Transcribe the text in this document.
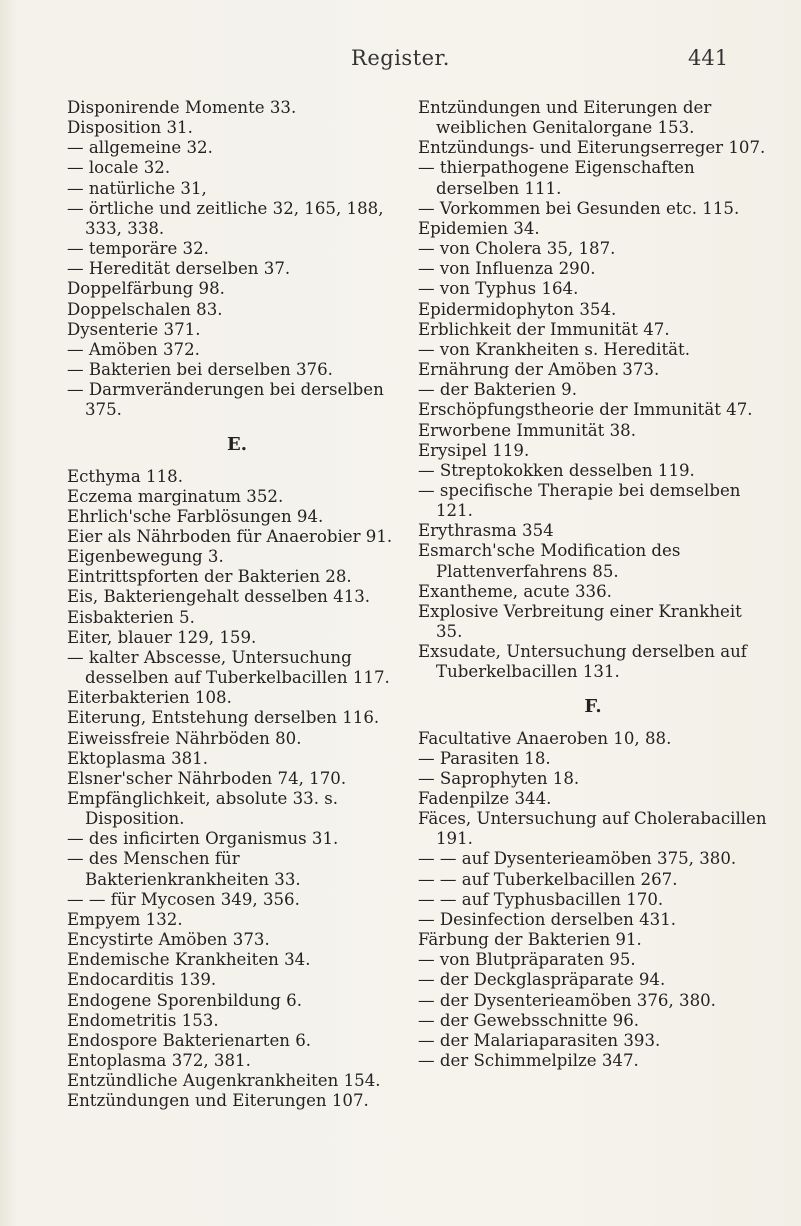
Register.	441
Disponirende Momente 33.
Disposition 31.
— allgemeine 32.
— locale 32.
— natürliche 31,
— örtliche und zeitliche 32, 165, 188, 333, 338.
— temporäre 32.
— Heredität derselben 37.
Doppelfärbung 98.
Doppelschalen 83.
Dysenterie 371.
— Amöben 372.
— Bakterien bei derselben 376.
— Darmveränderungen bei derselben 375.
E.
Ecthyma 118.
Eczema marginatum 352.
Ehrlich'sche Farblösungen 94.
Eier als Nährboden für Anaerobier 91.
Eigenbewegung 3.
Eintrittspforten der Bakterien 28.
Eis, Bakteriengehalt desselben 413.
Eisbakterien 5.
Eiter, blauer 129, 159.
— kalter Abscesse, Untersuchung desselben auf Tuberkelbacillen 117.
Eiterbakterien 108.
Eiterung, Entstehung derselben 116.
Eiweissfreie Nährböden 80.
Ektoplasma 381.
Elsner'scher Nährboden 74, 170.
Empfänglichkeit, absolute 33. s. Disposition.
— des inficirten Organismus 31.
— des Menschen für Bakterienkrankheiten 33.
— — für Mycosen 349, 356.
Empyem 132.
Encystirte Amöben 373.
Endemische Krankheiten 34.
Endocarditis 139.
Endogene Sporenbildung 6.
Endometritis 153.
Endospore Bakterienarten 6.
Entoplasma 372, 381.
Entzündliche Augenkrankheiten 154.
Entzündungen und Eiterungen 107.
Entzündungen und Eiterungen der weiblichen Genitalorgane 153.
Entzündungs- und Eiterungserreger 107.
— thierpathogene Eigenschaften derselben 111.
— Vorkommen bei Gesunden etc. 115.
Epidemien 34.
— von Cholera 35, 187.
— von Influenza 290.
— von Typhus 164.
Epidermidophyton 354.
Erblichkeit der Immunität 47.
— von Krankheiten s. Heredität.
Ernährung der Amöben 373.
— der Bakterien 9.
Erschöpfungstheorie der Immunität 47.
Erworbene Immunität 38.
Erysipel 119.
— Streptokokken desselben 119.
— specifische Therapie bei demselben 121.
Erythrasma 354
Esmarch'sche Modification des Plattenverfahrens 85.
Exantheme, acute 336.
Explosive Verbreitung einer Krankheit 35.
Exsudate, Untersuchung derselben auf Tuberkelbacillen 131.
F.
Facultative Anaeroben 10, 88.
— Parasiten 18.
— Saprophyten 18.
Fadenpilze 344.
Fäces, Untersuchung auf Cholerabacillen 191.
— — auf Dysenterieamöben 375, 380.
— — auf Tuberkelbacillen 267.
— — auf Typhusbacillen 170.
— Desinfection derselben 431.
Färbung der Bakterien 91.
— von Blutpräparaten 95.
— der Deckglaspräparate 94.
— der Dysenterieamöben 376, 380.
— der Gewebsschnitte 96.
— der Malariaparasiten 393.
— der Schimmelpilze 347.
